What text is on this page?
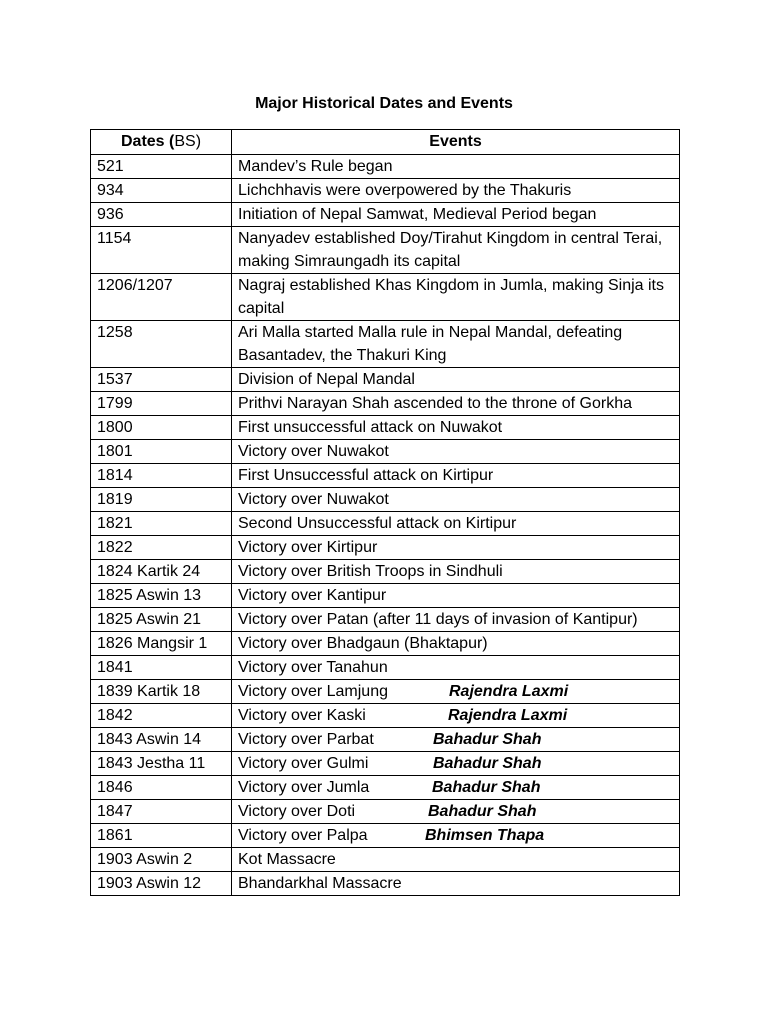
Major Historical Dates and Events
Dates (BS)	Events
521	Mandev’s Rule began

934	Lichchhavis were overpowered by the Thakuris

936	Initiation of Nepal Samwat, Medieval Period began

1154	Nanyadev established Doy/Tirahut Kingdom in central Terai, making Simraungadh its capital

1206/1207	Nagraj established Khas Kingdom in Jumla, making Sinja its capital

1258	Ari Malla started Malla rule in Nepal Mandal, defeating Basantadev, the Thakuri King

1537	Division of Nepal Mandal

1799	Prithvi Narayan Shah ascended to the throne of Gorkha

1800	First unsuccessful attack on Nuwakot

1801	Victory over Nuwakot

1814	First Unsuccessful attack on Kirtipur

1819	Victory over Nuwakot

1821	Second Unsuccessful attack on Kirtipur

1822	Victory over Kirtipur

1824 Kartik 24	Victory over British Troops in Sindhuli

1825 Aswin 13	Victory over Kantipur

1825 Aswin 21	Victory over Patan (after 11 days of invasion of Kantipur)

1826 Mangsir 1	Victory over Bhadgaun (Bhaktapur)

1841	Victory over Tanahun

1839 Kartik 18	Victory over Lamjung Rajendra Laxmi

1842	Victory over Kaski Rajendra Laxmi

1843 Aswin 14	Victory over Parbat Bahadur Shah

1843 Jestha 11	Victory over Gulmi Bahadur Shah

1846	Victory over Jumla Bahadur Shah

1847	Victory over Doti Bahadur Shah

1861	Victory over Palpa Bhimsen Thapa

1903 Aswin 2	Kot Massacre

1903 Aswin 12	Bhandarkhal Massacre
